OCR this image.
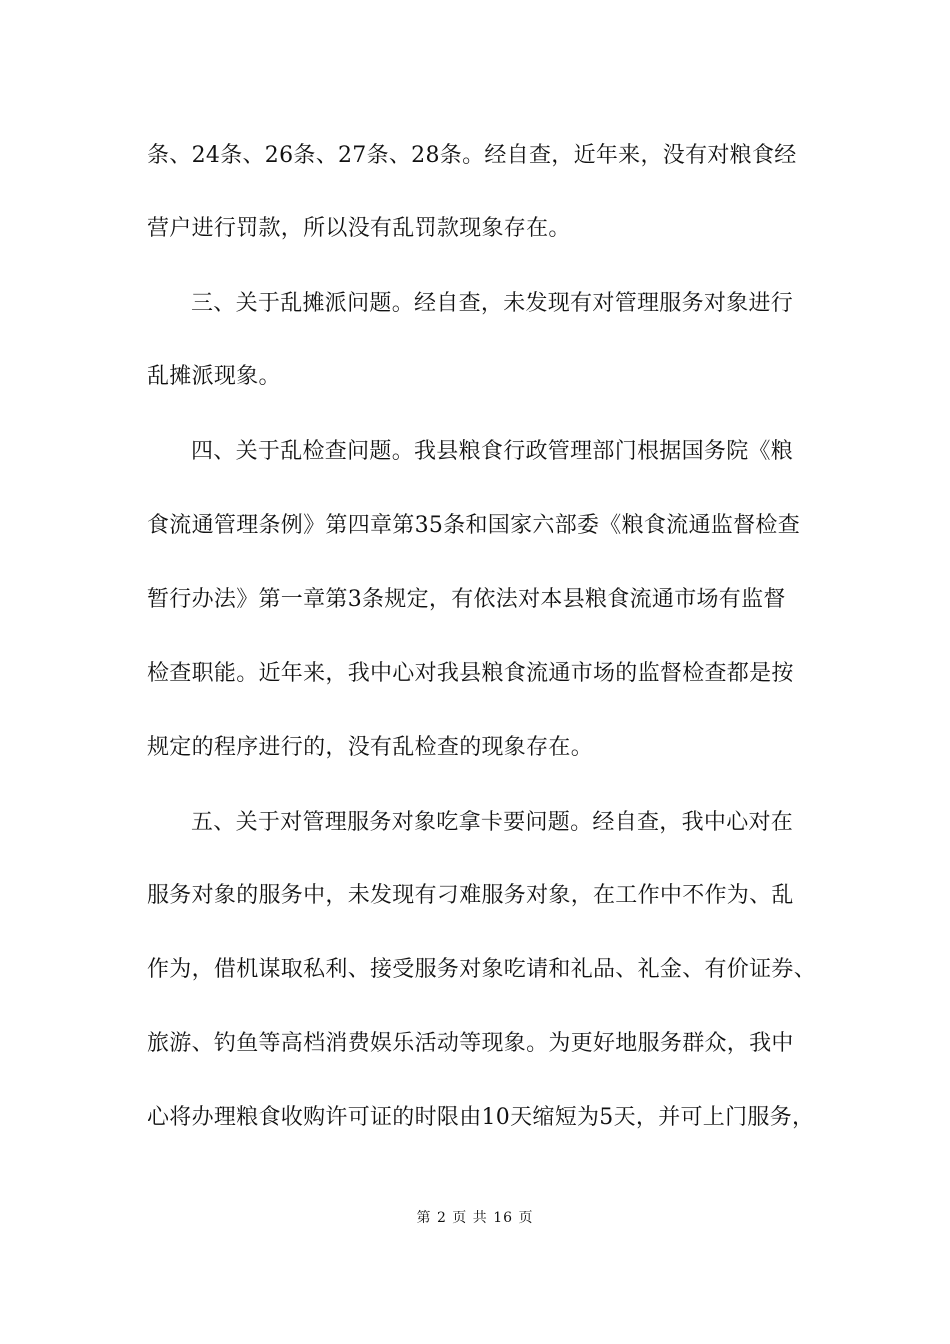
条、24条、26条、27条、28条。经自查，近年来，没有对粮食经
营户进行罚款，所以没有乱罚款现象存在。
三、关于乱摊派问题。经自查，未发现有对管理服务对象进行
乱摊派现象。
四、关于乱检查问题。我县粮食行政管理部门根据国务院《粮
食流通管理条例》第四章第35条和国家六部委《粮食流通监督检查
暂行办法》第一章第3条规定，有依法对本县粮食流通市场有监督
检查职能。近年来，我中心对我县粮食流通市场的监督检查都是按
规定的程序进行的，没有乱检查的现象存在。
五、关于对管理服务对象吃拿卡要问题。经自查，我中心对在
服务对象的服务中，未发现有刁难服务对象，在工作中不作为、乱
作为，借机谋取私利、接受服务对象吃请和礼品、礼金、有价证券、
旅游、钓鱼等高档消费娱乐活动等现象。为更好地服务群众，我中
心将办理粮食收购许可证的时限由10天缩短为5天，并可上门服务，
第 2 页 共 16 页
